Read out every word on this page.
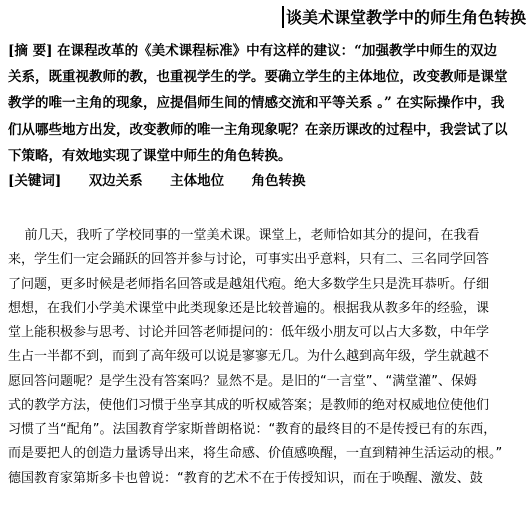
谈美术课堂教学中的师生角色转换
[摘 要] 在课程改革的《美术课程标准》中有这样的建议：“加强教学中师生的双边
关系，既重视教师的教，也重视学生的学。要确立学生的主体地位，改变教师是课堂
教学的唯一主角的现象，应提倡师生间的情感交流和平等关系 。” 在实际操作中，我
们从哪些地方出发，改变教师的唯一主角现象呢？在亲历课改的过程中，我尝试了以
下策略，有效地实现了课堂中师生的角色转换。
[关键词] 双边关系 主体地位 角色转换
前几天，我听了学校同事的一堂美术课。课堂上，老师恰如其分的提问，在我看
来，学生们一定会踊跃的回答并参与讨论，可事实出乎意料，只有二、三名同学回答
了问题，更多时候是老师指名回答或是越俎代疱。绝大多数学生只是洗耳恭听。仔细
想想，在我们小学美术课堂中此类现象还是比较普遍的。根据我从教多年的经验，课
堂上能积极参与思考、讨论并回答老师提问的：低年级小朋友可以占大多数，中年学
生占一半都不到，而到了高年级可以说是寥寥无几。为什么越到高年级，学生就越不
愿回答问题呢？是学生没有答案吗？显然不是。是旧的“一言堂”、“满堂灌”、保姆
式的教学方法，使他们习惯于坐享其成的听权威答案；是教师的绝对权威地位使他们
习惯了当“配角”。法国教育学家斯普朗格说：“教育的最终目的不是传授已有的东西，
而是要把人的创造力量诱导出来，将生命感、价值感唤醒，一直到精神生活运动的根。”
德国教育家第斯多卡也曾说：“教育的艺术不在于传授知识，而在于唤醒、激发、鼓
